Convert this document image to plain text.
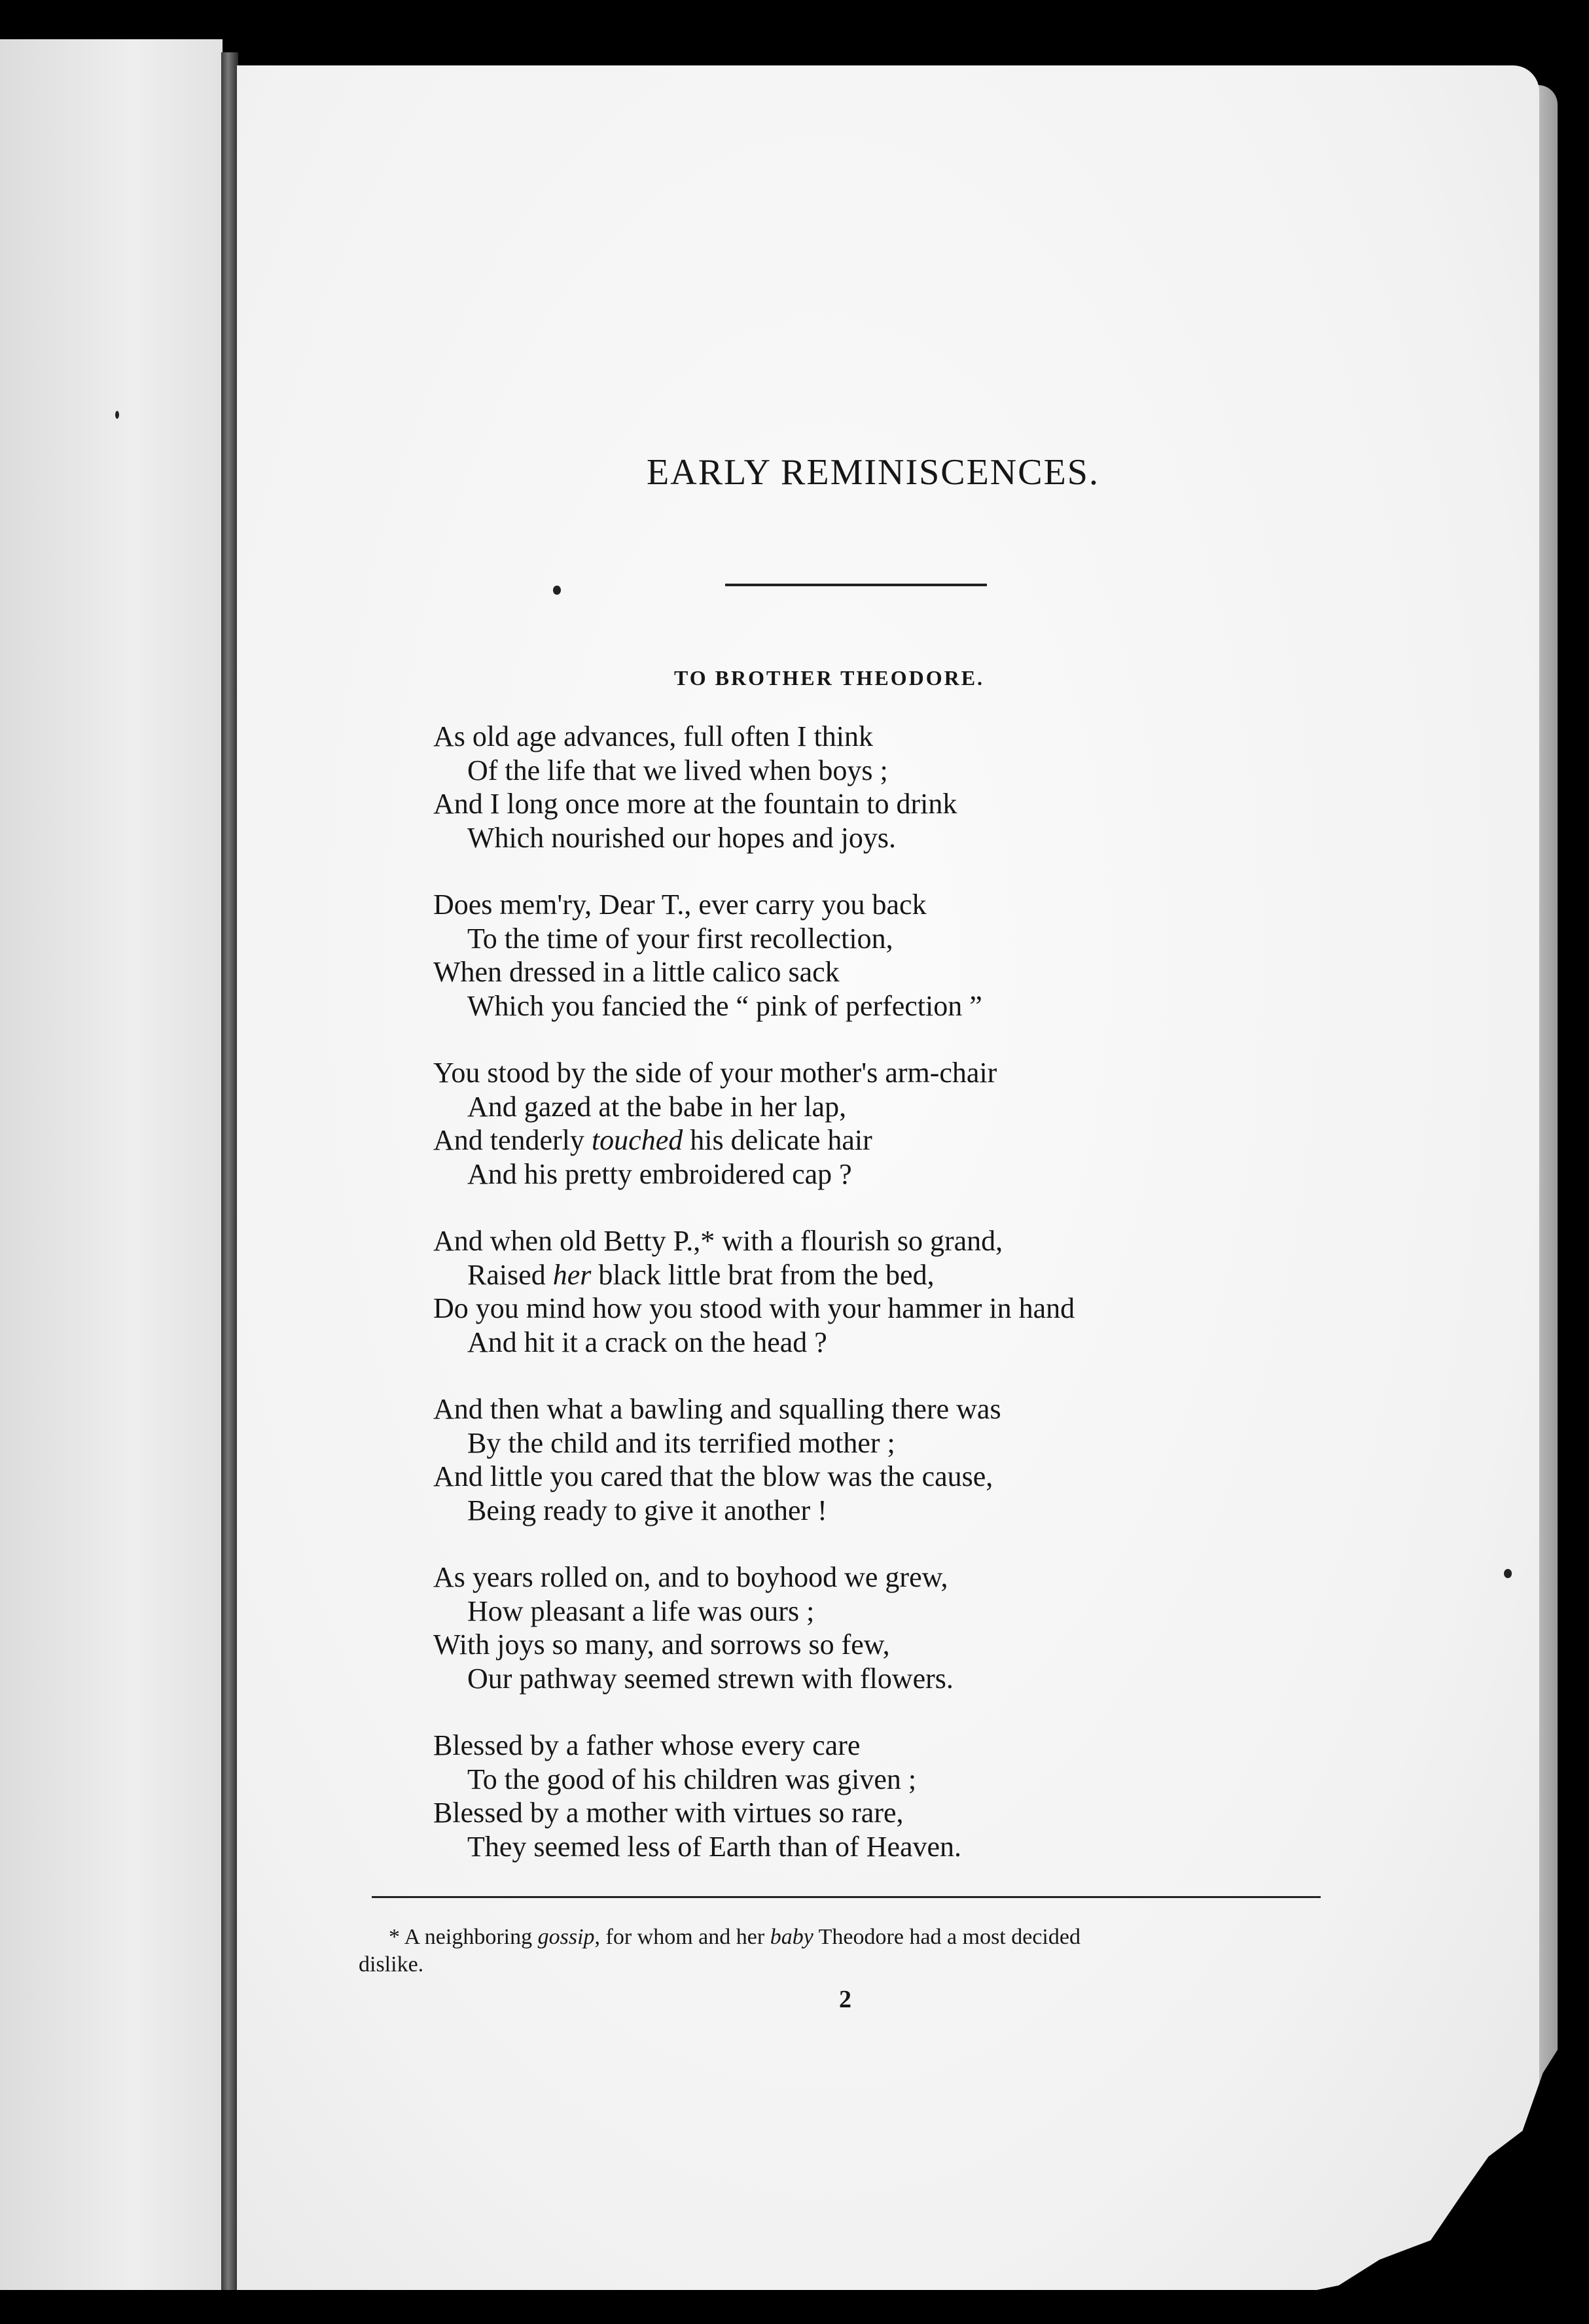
EARLY REMINISCENCES.
TO BROTHER THEODORE.
As old age advances, full often I think
Of the life that we lived when boys ;
And I long once more at the fountain to drink
Which nourished our hopes and joys.
Does mem'ry, Dear T., ever carry you back
To the time of your first recollection,
When dressed in a little calico sack
Which you fancied the “ pink of perfection ”
You stood by the side of your mother's arm-chair
And gazed at the babe in her lap,
And tenderly touched his delicate hair
And his pretty embroidered cap ?
And when old Betty P.,* with a flourish so grand,
Raised her black little brat from the bed,
Do you mind how you stood with your hammer in hand
And hit it a crack on the head ?
And then what a bawling and squalling there was
By the child and its terrified mother ;
And little you cared that the blow was the cause,
Being ready to give it another !
As years rolled on, and to boyhood we grew,
How pleasant a life was ours ;
With joys so many, and sorrows so few,
Our pathway seemed strewn with flowers.
Blessed by a father whose every care
To the good of his children was given ;
Blessed by a mother with virtues so rare,
They seemed less of Earth than of Heaven.
* A neighboring gossip, for whom and her baby Theodore had a most decided
dislike.
2
